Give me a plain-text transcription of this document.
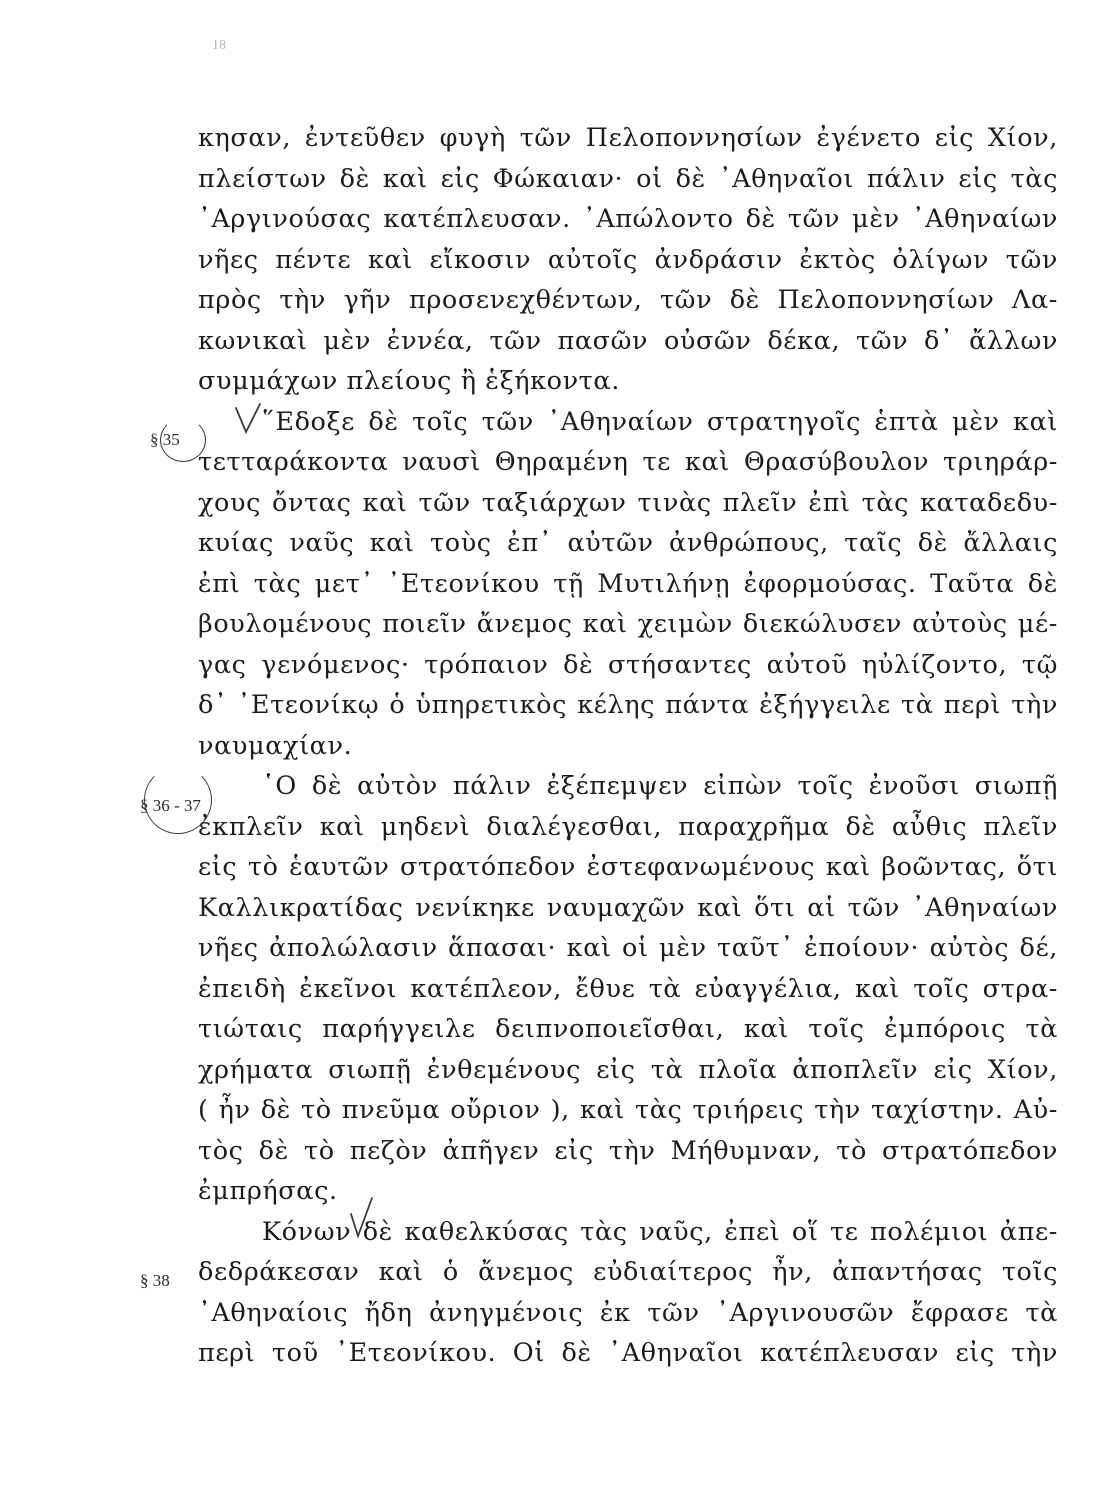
18
κησαν, ἐντεῦθεν φυγὴ τῶν Πελοποννησίων ἐγένετο εἰς Χίον,
πλείστων δὲ καὶ εἰς Φώκαιαν· οἱ δὲ ᾿Αθηναῖοι πάλιν εἰς τὰς
᾿Αργινούσας κατέπλευσαν. ᾿Απώλοντο δὲ τῶν μὲν ᾿Αθηναίων
νῆες πέντε καὶ εἴκοσιν αὐτοῖς ἀνδράσιν ἐκτὸς ὀλίγων τῶν
πρὸς τὴν γῆν προσενεχθέντων, τῶν δὲ Πελοποννησίων Λα-
κωνικαὶ μὲν ἐννέα, τῶν πασῶν οὐσῶν δέκα, τῶν δ᾿ ἄλλων
συμμάχων πλείους ἢ ἑξήκοντα.
῞Εδοξε δὲ τοῖς τῶν ᾿Αθηναίων στρατηγοῖς ἑπτὰ μὲν καὶ
τετταράκοντα ναυσὶ Θηραμένη τε καὶ Θρασύβουλον τριηράρ-
χους ὄντας καὶ τῶν ταξιάρχων τινὰς πλεῖν ἐπὶ τὰς καταδεδυ-
κυίας ναῦς καὶ τοὺς ἐπ᾿ αὐτῶν ἀνθρώπους, ταῖς δὲ ἄλλαις
ἐπὶ τὰς μετ᾿ ᾿Ετεονίκου τῇ Μυτιλήνῃ ἐφορμούσας. Ταῦτα δὲ
βουλομένους ποιεῖν ἄνεμος καὶ χειμὼν διεκώλυσεν αὐτοὺς μέ-
γας γενόμενος· τρόπαιον δὲ στήσαντες αὐτοῦ ηὐλίζοντο, τῷ
δ᾿ ᾿Ετεονίκῳ ὁ ὑπηρετικὸς κέλης πάντα ἐξήγγειλε τὰ περὶ τὴν
ναυμαχίαν.
῾Ο δὲ αὐτὸν πάλιν ἐξέπεμψεν εἰπὼν τοῖς ἐνοῦσι σιωπῇ
ἐκπλεῖν καὶ μηδενὶ διαλέγεσθαι, παραχρῆμα δὲ αὖθις πλεῖν
εἰς τὸ ἑαυτῶν στρατόπεδον ἐστεφανωμένους καὶ βοῶντας, ὅτι
Καλλικρατίδας νενίκηκε ναυμαχῶν καὶ ὅτι αἱ τῶν ᾿Αθηναίων
νῆες ἀπολώλασιν ἅπασαι· καὶ οἱ μὲν ταῦτ᾿ ἐποίουν· αὐτὸς δέ,
ἐπειδὴ ἐκεῖνοι κατέπλεον, ἔθυε τὰ εὐαγγέλια, καὶ τοῖς στρα-
τιώταις παρήγγειλε δειπνοποιεῖσθαι, καὶ τοῖς ἐμπόροις τὰ
χρήματα σιωπῇ ἐνθεμένους εἰς τὰ πλοῖα ἀποπλεῖν εἰς Χίον,
( ἦν δὲ τὸ πνεῦμα οὔριον ), καὶ τὰς τριήρεις τὴν ταχίστην. Αὐ-
τὸς δὲ τὸ πεζὸν ἀπῆγεν εἰς τὴν Μήθυμναν, τὸ στρατόπεδον
ἐμπρήσας.
Κόνων δὲ καθελκύσας τὰς ναῦς, ἐπεὶ οἵ τε πολέμιοι ἀπε-
δεδράκεσαν καὶ ὁ ἄνεμος εὐδιαίτερος ἦν, ἀπαντήσας τοῖς
᾿Αθηναίοις ἤδη ἀνηγμένοις ἐκ τῶν ᾿Αργινουσῶν ἔφρασε τὰ
περὶ τοῦ ᾿Ετεονίκου. Οἱ δὲ ᾿Αθηναῖοι κατέπλευσαν εἰς τὴν
§ 35
§ 36 - 37
§ 38
